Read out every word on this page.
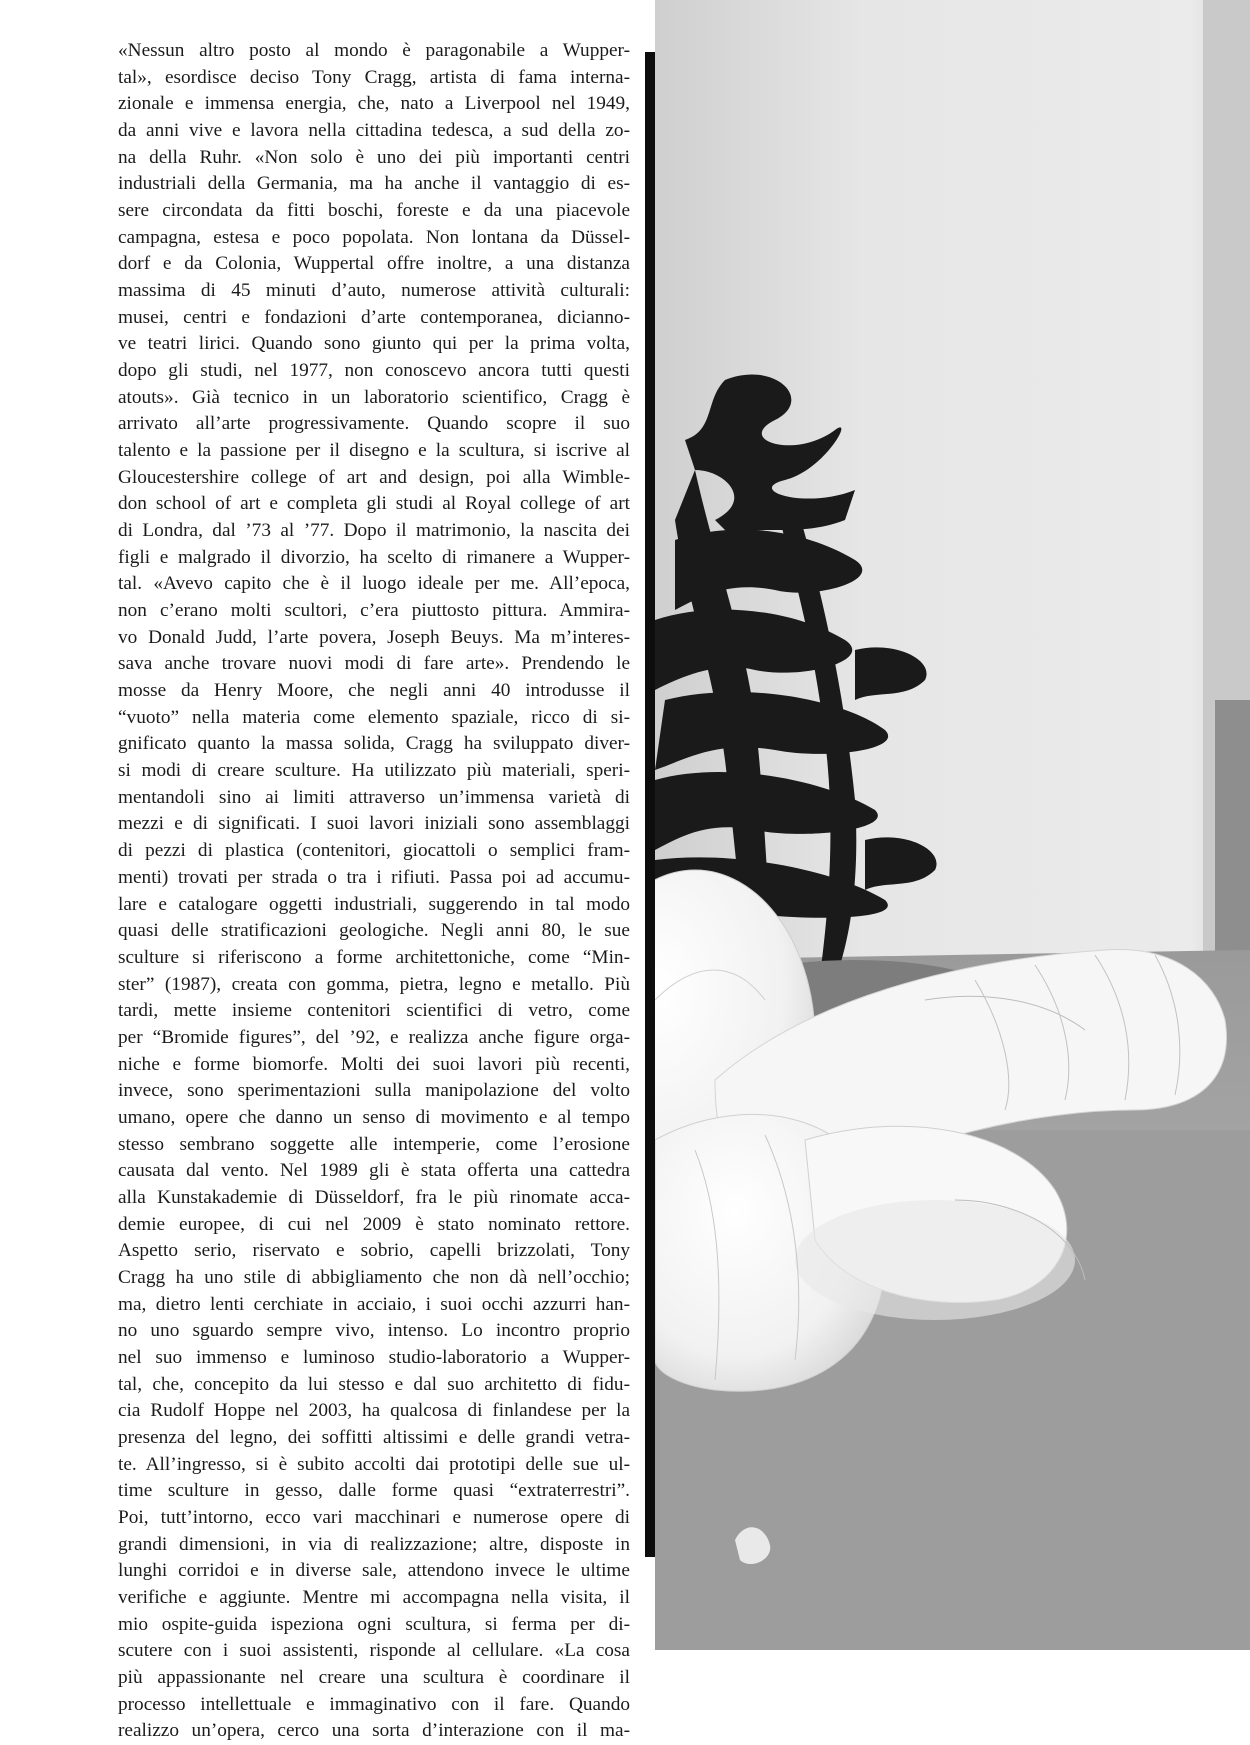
«Nessun altro posto al mondo è paragonabile a Wupper-
tal», esordisce deciso Tony Cragg, artista di fama interna-
zionale e immensa energia, che, nato a Liverpool nel 1949,
da anni vive e lavora nella cittadina tedesca, a sud della zo-
na della Ruhr. «Non solo è uno dei più importanti centri
industriali della Germania, ma ha anche il vantaggio di es-
sere circondata da fitti boschi, foreste e da una piacevole
campagna, estesa e poco popolata. Non lontana da Düssel-
dorf e da Colonia, Wuppertal offre inoltre, a una distanza
massima di 45 minuti d’auto, numerose attività culturali:
musei, centri e fondazioni d’arte contemporanea, dicianno-
ve teatri lirici. Quando sono giunto qui per la prima volta,
dopo gli studi, nel 1977, non conoscevo ancora tutti questi
atouts». Già tecnico in un laboratorio scientifico, Cragg è
arrivato all’arte progressivamente. Quando scopre il suo
talento e la passione per il disegno e la scultura, si iscrive al
Gloucestershire college of art and design, poi alla Wimble-
don school of art e completa gli studi al Royal college of art
di Londra, dal ’73 al ’77. Dopo il matrimonio, la nascita dei
figli e malgrado il divorzio, ha scelto di rimanere a Wupper-
tal. «Avevo capito che è il luogo ideale per me. All’epoca,
non c’erano molti scultori, c’era piuttosto pittura. Ammira-
vo Donald Judd, l’arte povera, Joseph Beuys. Ma m’interes-
sava anche trovare nuovi modi di fare arte». Prendendo le
mosse da Henry Moore, che negli anni 40 introdusse il
“vuoto” nella materia come elemento spaziale, ricco di si-
gnificato quanto la massa solida, Cragg ha sviluppato diver-
si modi di creare sculture. Ha utilizzato più materiali, speri-
mentandoli sino ai limiti attraverso un’immensa varietà di
mezzi e di significati. I suoi lavori iniziali sono assemblaggi
di pezzi di plastica (contenitori, giocattoli o semplici fram-
menti) trovati per strada o tra i rifiuti. Passa poi ad accumu-
lare e catalogare oggetti industriali, suggerendo in tal modo
quasi delle stratificazioni geologiche. Negli anni 80, le sue
sculture si riferiscono a forme architettoniche, come “Min-
ster” (1987), creata con gomma, pietra, legno e metallo. Più
tardi, mette insieme contenitori scientifici di vetro, come
per “Bromide figures”, del ’92, e realizza anche figure orga-
niche e forme biomorfe. Molti dei suoi lavori più recenti,
invece, sono sperimentazioni sulla manipolazione del volto
umano, opere che danno un senso di movimento e al tempo
stesso sembrano soggette alle intemperie, come l’erosione
causata dal vento. Nel 1989 gli è stata offerta una cattedra
alla Kunstakademie di Düsseldorf, fra le più rinomate acca-
demie europee, di cui nel 2009 è stato nominato rettore.
Aspetto serio, riservato e sobrio, capelli brizzolati, Tony
Cragg ha uno stile di abbigliamento che non dà nell’occhio;
ma, dietro lenti cerchiate in acciaio, i suoi occhi azzurri han-
no uno sguardo sempre vivo, intenso. Lo incontro proprio
nel suo immenso e luminoso studio-laboratorio a Wupper-
tal, che, concepito da lui stesso e dal suo architetto di fidu-
cia Rudolf Hoppe nel 2003, ha qualcosa di finlandese per la
presenza del legno, dei soffitti altissimi e delle grandi vetra-
te. All’ingresso, si è subito accolti dai prototipi delle sue ul-
time sculture in gesso, dalle forme quasi “extraterrestri”.
Poi, tutt’intorno, ecco vari macchinari e numerose opere di
grandi dimensioni, in via di realizzazione; altre, disposte in
lunghi corridoi e in diverse sale, attendono invece le ultime
verifiche e aggiunte. Mentre mi accompagna nella visita, il
mio ospite-guida ispeziona ogni scultura, si ferma per di-
scutere con i suoi assistenti, risponde al cellulare. «La cosa
più appassionante nel creare una scultura è coordinare il
processo intellettuale e immaginativo con il fare. Quando
realizzo un’opera, cerco una sorta d’interazione con il ma-
